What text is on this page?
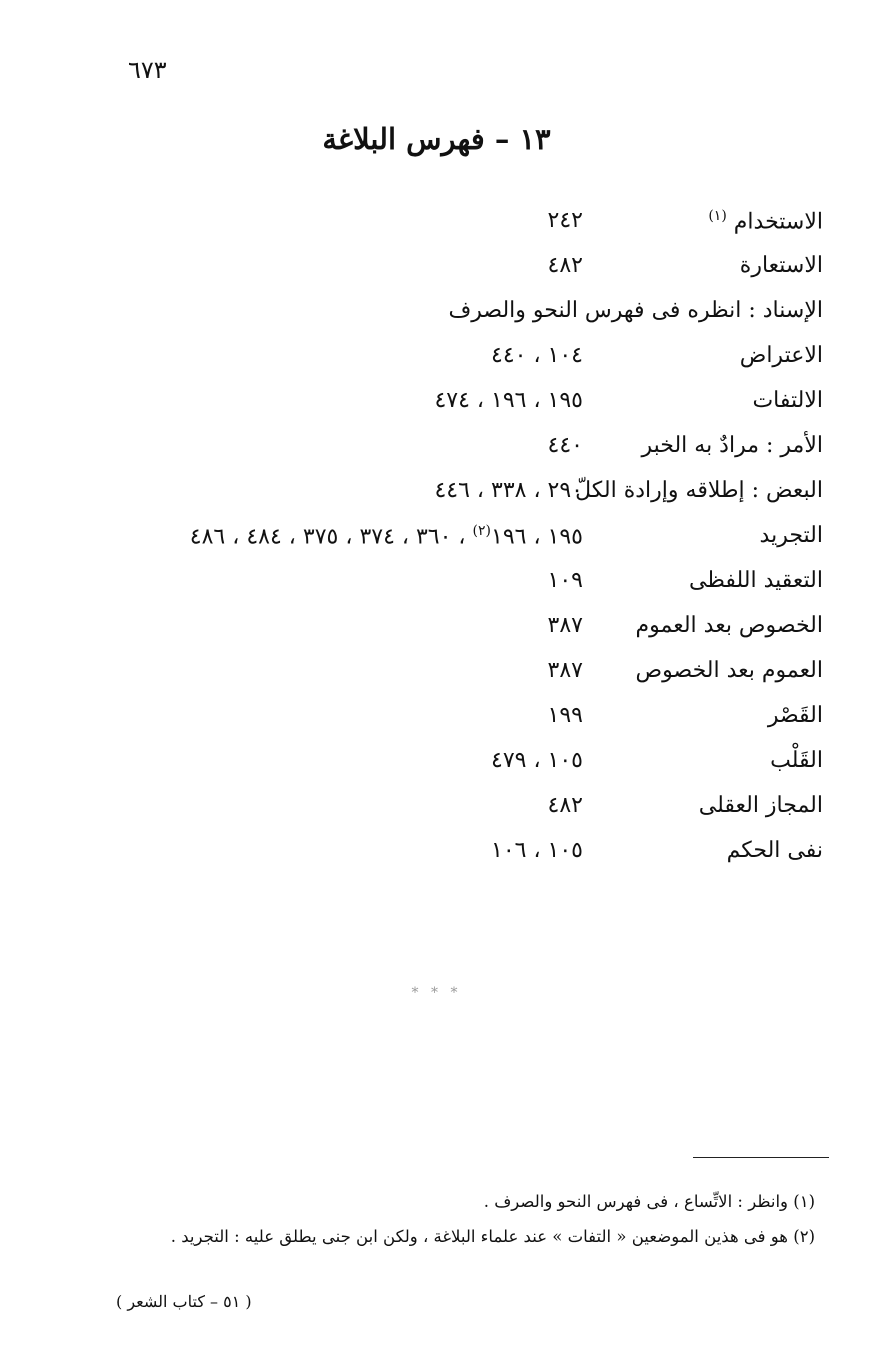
٦٧٣
١٣ – فهرس البلاغة
الاستخدام $^{(١)}$
٢٤٢
الاستعارة
٤٨٢
الإسناد : انظره فى فهرس النحو والصرف
الاعتراض
١٠٤ ، ٤٤٠
الالتفات
١٩٥ ، ١٩٦ ، ٤٧٤
الأمر : مرادٌ به الخبر
٤٤٠
البعض : إطلاقه وإرادة الكلّ
٢٩٠ ، ٣٣٨ ، ٤٤٦
التجريد
١٩٥ ، ١٩٦$^{(٢)}$ ، ٣٦٠ ، ٣٧٤ ، ٣٧٥ ، ٤٨٤ ، ٤٨٦
التعقيد اللفظى
١٠٩
الخصوص بعد العموم
٣٨٧
العموم بعد الخصوص
٣٨٧
القَصْر
١٩٩
القَلْب
١٠٥ ، ٤٧٩
المجاز العقلى
٤٨٢
نفى الحكم
١٠٥ ، ١٠٦
* * *
(١) وانظر : الاتِّساع ، فى فهرس النحو والصرف .
(٢) هو فى هذين الموضعين « التفات » عند علماء البلاغة ، ولكن ابن جنى يطلق عليه : التجريد .
( ٥١ – كتاب الشعر )
